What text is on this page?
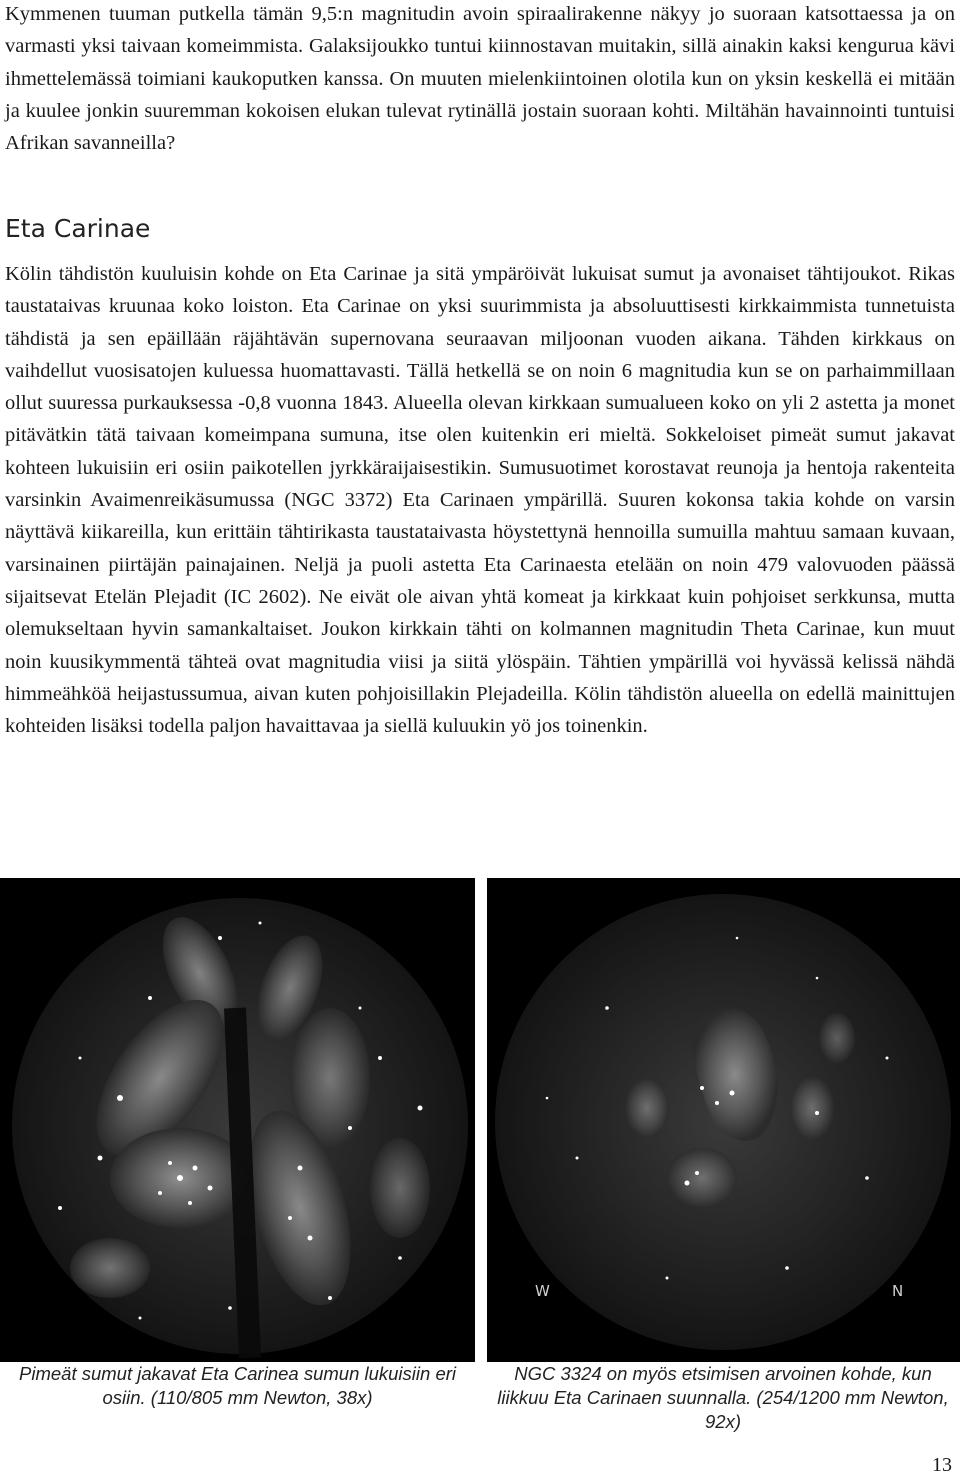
Kymmenen tuuman putkella tämän 9,5:n magnitudin avoin spiraalirakenne näkyy jo suoraan katsottaessa ja on varmasti yksi taivaan komeimmista. Galaksijoukko tuntui kiinnostavan muitakin, sillä ainakin kaksi kengurua kävi ihmettelemässä toimiani kaukoputken kanssa. On muuten mielenkiintoinen olotila kun on yksin keskellä ei mitään ja kuulee jonkin suuremman kokoisen elukan tulevat rytinällä jostain suoraan kohti. Miltähän havainnointi tuntuisi Afrikan savanneilla?

Eta Carinae

Kölin tähdistön kuuluisin kohde on Eta Carinae ja sitä ympäröivät lukuisat sumut ja avonaiset tähtijoukot. Rikas taustataivas kruunaa koko loiston. Eta Carinae on yksi suurimmista ja absoluuttisesti kirkkaimmista tunnetuista tähdistä ja sen epäillään räjähtävän supernovana seuraavan miljoonan vuoden aikana. Tähden kirkkaus on vaihdellut vuosisatojen kuluessa huomattavasti. Tällä hetkellä se on noin 6 magnitudia kun se on parhaimmillaan ollut suuressa purkauksessa -0,8 vuonna 1843. Alueella olevan kirkkaan sumualueen koko on yli 2 astetta ja monet pitävätkin tätä taivaan komeimpana sumuna, itse olen kuitenkin eri mieltä. Sokkeloiset pimeät sumut jakavat kohteen lukuisiin eri osiin paikotellen jyrkkäraijaisestikin. Sumusuotimet korostavat reunoja ja hentoja rakenteita varsinkin Avaimenreikäsumussa (NGC 3372) Eta Carinaen ympärillä. Suuren kokonsa takia kohde on varsin näyttävä kiikareilla, kun erittäin tähtirikasta taustataivasta höystettynä hennoilla sumuilla mahtuu samaan kuvaan, varsinainen piirtäjän painajainen. Neljä ja puoli astetta Eta Carinaesta etelään on noin 479 valovuoden päässä sijaitsevat Etelän Plejadit (IC 2602). Ne eivät ole aivan yhtä komeat ja kirkkaat kuin pohjoiset serkkunsa, mutta olemukseltaan hyvin samankaltaiset. Joukon kirkkain tähti on kolmannen magnitudin Theta Carinae, kun muut noin kuusikymmentä tähteä ovat magnitudia viisi ja siitä ylöspäin. Tähtien ympärillä voi hyvässä kelissä nähdä himmeähköä heijastussumua, aivan kuten pohjoisillakin Plejadeilla. Kölin tähdistön alueella on edellä mainittujen kohteiden lisäksi todella paljon havaittavaa ja siellä kuluukin yö jos toinenkin.

W	N
Pimeät sumut jakavat Eta Carinea sumun lukuisiin eri osiin. (110/805 mm Newton, 38x)
NGC 3324 on myös etsimisen arvoinen kohde, kun liikkuu Eta Carinaen suunnalla. (254/1200 mm Newton, 92x)
13
